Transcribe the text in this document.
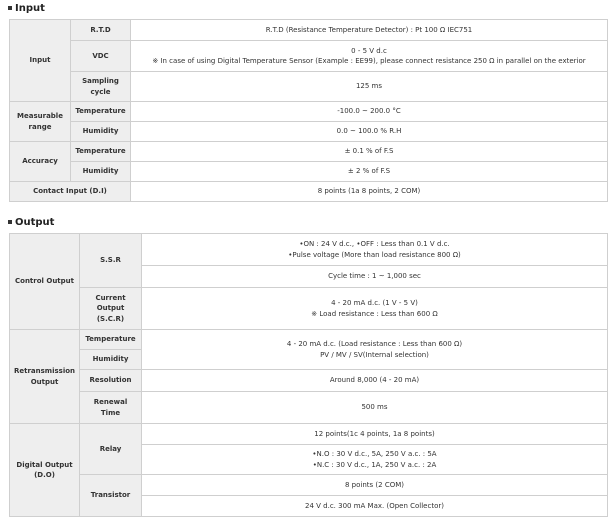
Input
Input	R.T.D	R.T.D (Resistance Temperature Detector) : Pt 100 Ω IEC751
	VDC	0 - 5 V d.c
※ In case of using Digital Temperature Sensor (Example : EE99), please connect resistance 250 Ω in parallel on the exterior

	Sampling cycle	125 ms
Measurable range	Temperature	-100.0 ~ 200.0 °C
	Humidity	0.0 ~ 100.0 % R.H
Accuracy	Temperature	± 0.1 % of F.S
	Humidity	± 2 % of F.S
Contact Input (D.I)		8 points (1a 8 points, 2 COM)
Output
Control Output	S.S.R	•ON : 24 V d.c., •OFF : Less than 0.1 V d.c.
•Pulse voltage (More than load resistance 800 Ω)

		Cycle time : 1 ~ 1,000 sec
	Current Output (S.C.R)	4 - 20 mA d.c. (1 V - 5 V)
※ Load resistance : Less than 600 Ω

Retransmission Output	Temperature	4 - 20 mA d.c. (Load resistance : Less than 600 Ω)
PV / MV / SV(Internal selection)

	Humidity	
	Resolution	Around 8,000 (4 - 20 mA)
	Renewal Time	500 ms
Digital Output (D.O)	Relay	12 points(1c 4 points, 1a 8 points)

		•N.O : 30 V d.c., 5A, 250 V a.c. : 5A
•N.C : 30 V d.c., 1A, 250 V a.c. : 2A

	Transistor	8 points (2 COM)
		24 V d.c. 300 mA Max. (Open Collector)
